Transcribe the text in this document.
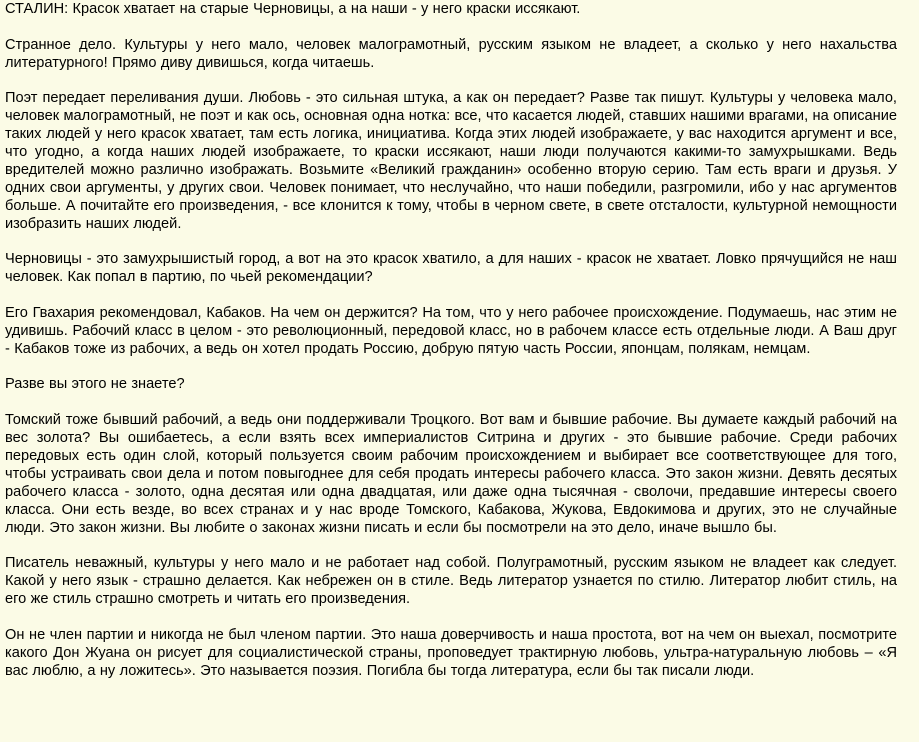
СТАЛИН: Красок хватает на старые Черновицы, а на наши - у него краски иссякают.

Странное дело. Культуры у него мало, человек малограмотный, русским языком не владеет, а сколько у него нахальства литературного! Прямо диву дивишься, когда читаешь.

Поэт передает переливания души. Любовь - это сильная штука, а как он передает? Разве так пишут. Культуры у человека мало, человек малограмотный, не поэт и как ось, основная одна нотка: все, что касается людей, ставших нашими врагами, на описание таких людей у него красок хватает, там есть логика, инициатива. Когда этих людей изображаете, у вас находится аргумент и все, что угодно, а когда наших людей изображаете, то краски иссякают, наши люди получаются какими-то замухрышками. Ведь вредителей можно различно изображать. Возьмите «Великий гражданин» особенно вторую серию. Там есть враги и друзья. У одних свои аргументы, у других свои. Человек понимает, что неслучайно, что наши победили, разгромили, ибо у нас аргументов больше. А почитайте его произведения, - все клонится к тому, чтобы в черном свете, в свете отсталости, культурной немощности изобразить наших людей.

Черновицы - это замухрышистый город, а вот на это красок хватило, а для наших - красок не хватает. Ловко прячущийся не наш человек. Как попал в партию, по чьей рекомендации?

Его Гвахария рекомендовал, Кабаков. На чем он держится? На том, что у него рабочее происхождение. Подумаешь, нас этим не удивишь. Рабочий класс в целом - это революционный, передовой класс, но в рабочем классе есть отдельные люди. А Ваш друг - Кабаков тоже из рабочих, а ведь он хотел продать Россию, добрую пятую часть России, японцам, полякам, немцам.

Разве вы этого не знаете?

Томский тоже бывший рабочий, а ведь они поддерживали Троцкого. Вот вам и бывшие рабочие. Вы думаете каждый рабочий на вес золота? Вы ошибаетесь, а если взять всех империалистов Ситрина и других - это бывшие рабочие. Среди рабочих передовых есть один слой, который пользуется своим рабочим происхождением и выбирает все соответствующее для того, чтобы устраивать свои дела и потом повыгоднее для себя продать интересы рабочего класса. Это закон жизни. Девять десятых рабочего класса - золото, одна десятая или одна двадцатая, или даже одна тысячная - сволочи, предавшие интересы своего класса. Они есть везде, во всех странах и у нас вроде Томского, Кабакова, Жукова, Евдокимова и других, это не случайные люди. Это закон жизни. Вы любите о законах жизни писать и если бы посмотрели на это дело, иначе вышло бы.

Писатель неважный, культуры у него мало и не работает над собой. Полуграмотный, русским языком не владеет как следует. Какой у него язык - страшно делается. Как небрежен он в стиле. Ведь литератор узнается по стилю. Литератор любит стиль, на его же стиль страшно смотреть и читать его произведения.

Он не член партии и никогда не был членом партии. Это наша доверчивость и наша простота, вот на чем он выехал, посмотрите какого Дон Жуана он рисует для социалистической страны, проповедует трактирную любовь, ультра-натуральную любовь – «Я вас люблю, а ну ложитесь». Это называется поэзия. Погибла бы тогда литература, если бы так писали люди.
